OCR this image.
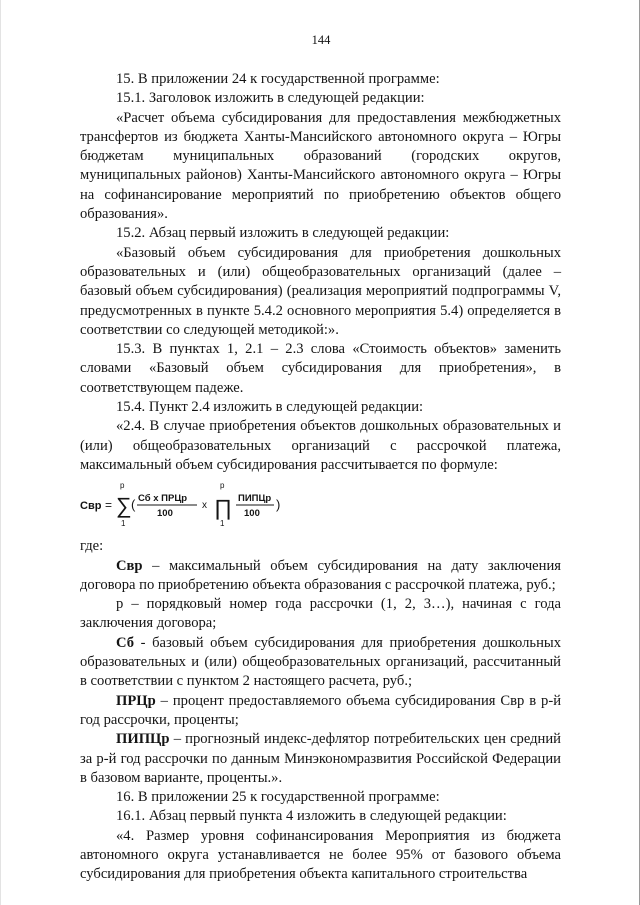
144

15. В приложении 24 к государственной программе:

15.1. Заголовок изложить в следующей редакции:

«Расчет объема субсидирования для предоставления межбюджетных трансфертов из бюджета Ханты-Мансийского автономного округа – Югры бюджетам муниципальных образований (городских округов, муниципальных районов) Ханты-Мансийского автономного округа – Югры на софинансирование мероприятий по приобретению объектов общего образования».

15.2. Абзац первый изложить в следующей редакции:

«Базовый объем субсидирования для приобретения дошкольных образовательных и (или) общеобразовательных организаций (далее – базовый объем субсидирования) (реализация мероприятий подпрограммы V, предусмотренных в пункте 5.4.2 основного мероприятия 5.4) определяется в соответствии со следующей методикой:».

15.3. В пунктах 1, 2.1 – 2.3 слова «Стоимость объектов» заменить словами «Базовый объем субсидирования для приобретения», в соответствующем падеже.

15.4. Пункт 2.4 изложить в следующей редакции:

«2.4. В случае приобретения объектов дошкольных образовательных и (или) общеобразовательных организаций с рассрочкой платежа, максимальный объем субсидирования рассчитывается по формуле:

Свр =
p
∑
1
( Сб х ПРЦр
100
х
p
∏
1
ПИПЦр
100
)

где:

Свр – максимальный объем субсидирования на дату заключения договора по приобретению объекта образования с рассрочкой платежа, руб.;

р – порядковый номер года рассрочки (1, 2, 3…), начиная с года заключения договора;

Сб - базовый объем субсидирования для приобретения дошкольных образовательных и (или) общеобразовательных организаций, рассчитанный в соответствии с пунктом 2 настоящего расчета, руб.;

ПРЦр – процент предоставляемого объема субсидирования Свр в р-й год рассрочки, проценты;

ПИПЦр – прогнозный индекс-дефлятор потребительских цен средний за р-й год рассрочки по данным Минэкономразвития Российской Федерации в базовом варианте, проценты.».

16. В приложении 25 к государственной программе:

16.1. Абзац первый пункта 4 изложить в следующей редакции:

«4. Размер уровня софинансирования Мероприятия из бюджета автономного округа устанавливается не более 95% от базового объема субсидирования для приобретения объекта капитального строительства
